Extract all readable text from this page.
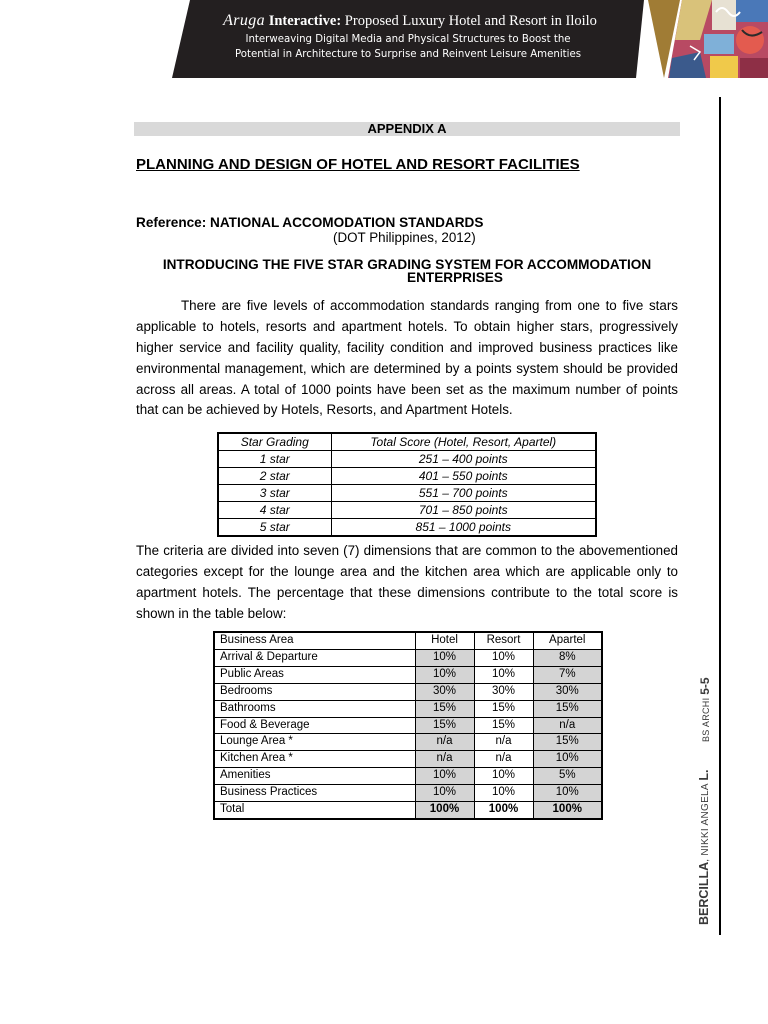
Aruga Interactive: Proposed Luxury Hotel and Resort in Iloilo
Interweaving Digital Media and Physical Structures to Boost the
Potential in Architecture to Surprise and Reinvent Leisure Amenities
APPENDIX A
PLANNING AND DESIGN OF HOTEL AND RESORT FACILITIES
Reference: NATIONAL ACCOMODATION STANDARDS
(DOT Philippines, 2012)
INTRODUCING THE FIVE STAR GRADING SYSTEM FOR ACCOMMODATION
ENTERPRISES
There are five levels of accommodation standards ranging from one to five stars
applicable to hotels, resorts and apartment hotels. To obtain higher stars, progressively
higher service and facility quality, facility condition and improved business practices like
environmental management, which are determined by a points system should be provided
across all areas. A total of 1000 points have been set as the maximum number of points
that can be achieved by Hotels, Resorts, and Apartment Hotels.
Star Grading	Total Score (Hotel, Resort, Apartel)
1 star	251 – 400 points
2 star	401 – 550 points
3 star	551 – 700 points
4 star	701 – 850 points
5 star	851 – 1000 points
The criteria are divided into seven (7) dimensions that are common to the abovementioned
categories except for the lounge area and the kitchen area which are applicable only to
apartment hotels. The percentage that these dimensions contribute to the total score is
shown in the table below:
Business Area	Hotel	Resort	Apartel
Arrival & Departure	10%	10%	8%
Public Areas	10%	10%	7%
Bedrooms	30%	30%	30%
Bathrooms	15%	15%	15%
Food & Beverage	15%	15%	n/a
Lounge Area *	n/a	n/a	15%
Kitchen Area *	n/a	n/a	10%
Amenities	10%	10%	5%
Business Practices	10%	10%	10%
Total	100%	100%	100%
BERCILLA, NIKKI ANGELA L.
BS ARCHI 5-5
